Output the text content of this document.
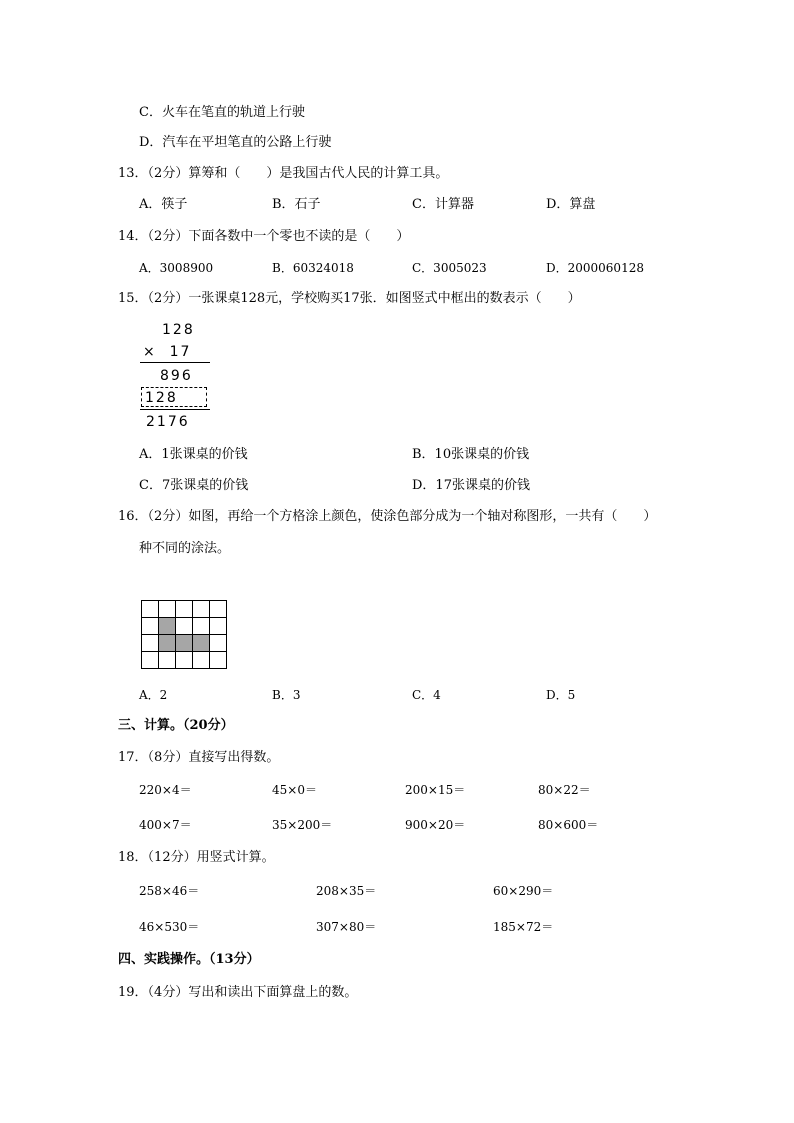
C．火车在笔直的轨道上行驶
D．汽车在平坦笔直的公路上行驶
13．（2分）算筹和（　　）是我国古代人民的计算工具。
A．筷子	B．石子	C．计算器	D．算盘
14．（2分）下面各数中一个零也不读的是（　　）
A．3008900	B．60324018	C．3005023	D．2000060128
15．（2分）一张课桌128元，学校购买17张．如图竖式中框出的数表示（　　）
128
×  17
896
128
2176
A．1张课桌的价钱	B．10张课桌的价钱
C．7张课桌的价钱	D．17张课桌的价钱
16．（2分）如图，再给一个方格涂上颜色，使涂色部分成为一个轴对称图形，一共有（　　）
种不同的涂法。

A．2	B．3	C．4	D．5
三、计算。（20分）
17．（8分）直接写出得数。
220×4＝	45×0＝	200×15＝	80×22＝
400×7＝	35×200＝	900×20＝	80×600＝
18．（12分）用竖式计算。
258×46＝	208×35＝	60×290＝
46×530＝	307×80＝	185×72＝
四、实践操作。（13分）
19．（4分）写出和读出下面算盘上的数。
